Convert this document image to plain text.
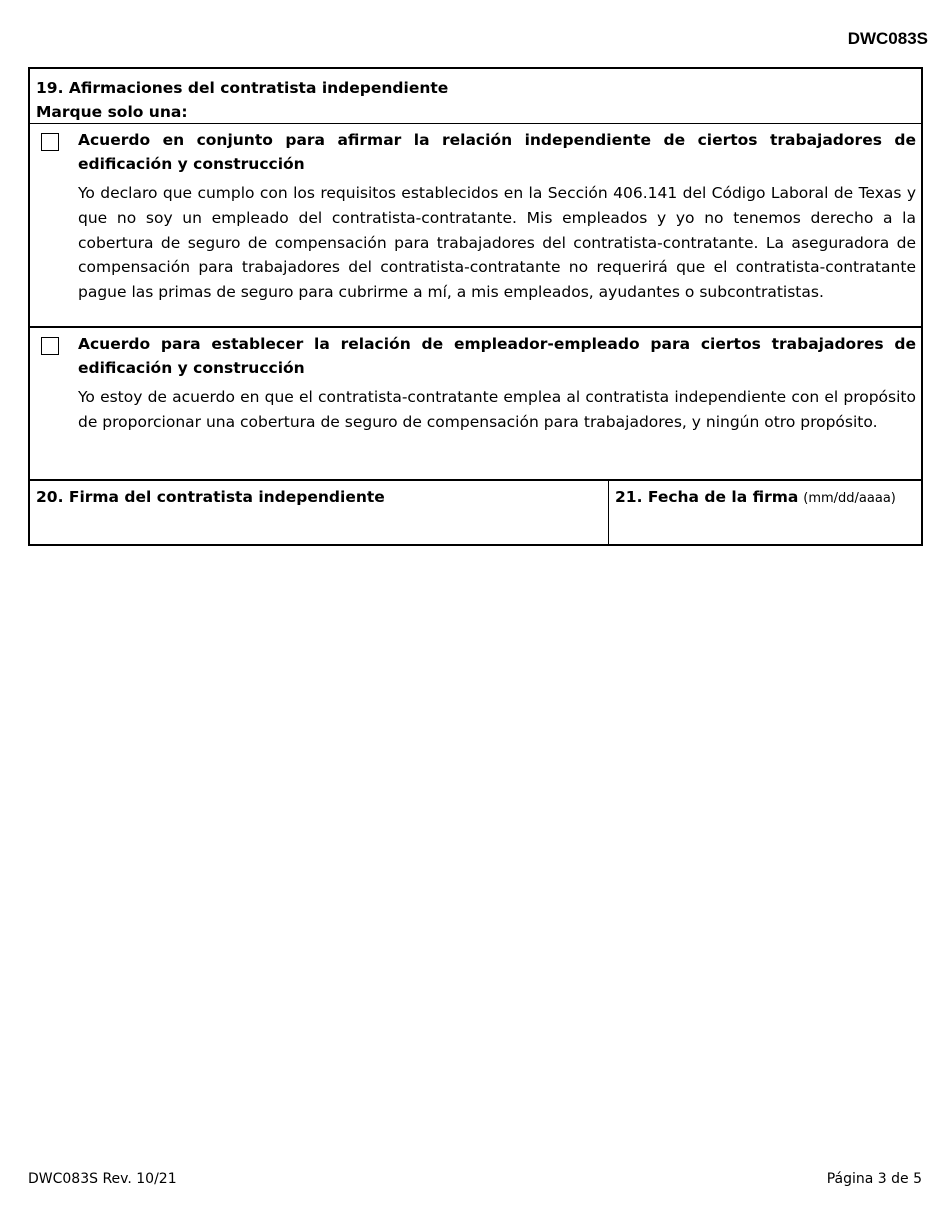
DWC083S
19. Afirmaciones del contratista independiente
Marque solo una:

Acuerdo en conjunto para afirmar la relación independiente de ciertos trabajadores de edificación y construcción

Yo declaro que cumplo con los requisitos establecidos en la Sección 406.141 del Código Laboral de Texas y que no soy un empleado del contratista-contratante. Mis empleados y yo no tenemos derecho a la cobertura de seguro de compensación para trabajadores del contratista-contratante. La aseguradora de compensación para trabajadores del contratista-contratante no requerirá que el contratista-contratante pague las primas de seguro para cubrirme a mí, a mis empleados, ayudantes o subcontratistas.

Acuerdo para establecer la relación de empleador-empleado para ciertos trabajadores de edificación y construcción

Yo estoy de acuerdo en que el contratista-contratante emplea al contratista independiente con el propósito de proporcionar una cobertura de seguro de compensación para trabajadores, y ningún otro propósito.

20. Firma del contratista independiente	21. Fecha de la firma (mm/dd/aaaa)
DWC083S Rev. 10/21	Página 3 de 5
